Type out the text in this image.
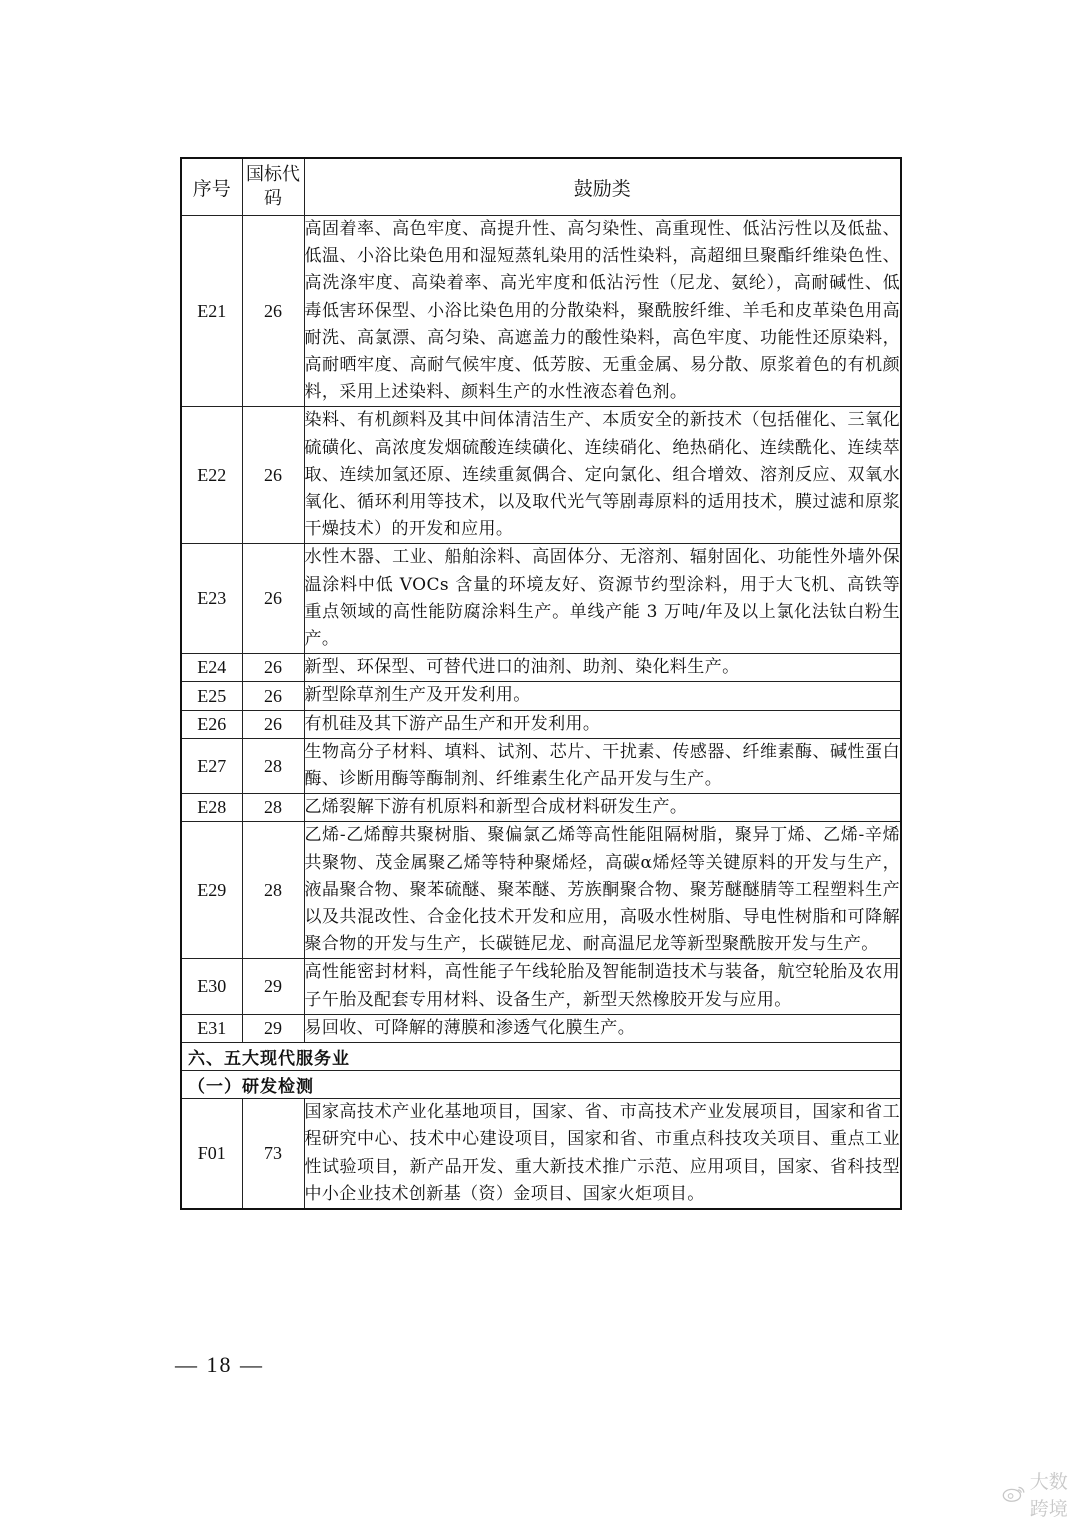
序号	国标代码	鼓励类
E21	26	高固着率、高色牢度、高提升性、高匀染性、高重现性、低沾污性以及低盐、低温、小浴比染色用和湿短蒸轧染用的活性染料，高超细旦聚酯纤维染色性、高洗涤牢度、高染着率、高光牢度和低沾污性（尼龙、氨纶），高耐碱性、低毒低害环保型、小浴比染色用的分散染料，聚酰胺纤维、羊毛和皮革染色用高耐洗、高氯漂、高匀染、高遮盖力的酸性染料，高色牢度、功能性还原染料，高耐晒牢度、高耐气候牢度、低芳胺、无重金属、易分散、原浆着色的有机颜料，采用上述染料、颜料生产的水性液态着色剂。
E22	26	染料、有机颜料及其中间体清洁生产、本质安全的新技术（包括催化、三氧化硫磺化、高浓度发烟硫酸连续磺化、连续硝化、绝热硝化、连续酰化、连续萃取、连续加氢还原、连续重氮偶合、定向氯化、组合增效、溶剂反应、双氧水氧化、循环利用等技术，以及取代光气等剧毒原料的适用技术，膜过滤和原浆干燥技术）的开发和应用。
E23	26	水性木器、工业、船舶涂料、高固体分、无溶剂、辐射固化、功能性外墙外保温涂料中低 VOCs 含量的环境友好、资源节约型涂料，用于大飞机、高铁等重点领域的高性能防腐涂料生产。单线产能 3 万吨/年及以上氯化法钛白粉生产。
E24	26	新型、环保型、可替代进口的油剂、助剂、染化料生产。
E25	26	新型除草剂生产及开发利用。
E26	26	有机硅及其下游产品生产和开发利用。
E27	28	生物高分子材料、填料、试剂、芯片、干扰素、传感器、纤维素酶、碱性蛋白酶、诊断用酶等酶制剂、纤维素生化产品开发与生产。
E28	28	乙烯裂解下游有机原料和新型合成材料研发生产。
E29	28	乙烯-乙烯醇共聚树脂、聚偏氯乙烯等高性能阻隔树脂，聚异丁烯、乙烯-辛烯共聚物、茂金属聚乙烯等特种聚烯烃，高碳α烯烃等关键原料的开发与生产，液晶聚合物、聚苯硫醚、聚苯醚、芳族酮聚合物、聚芳醚醚腈等工程塑料生产以及共混改性、合金化技术开发和应用，高吸水性树脂、导电性树脂和可降解聚合物的开发与生产，长碳链尼龙、耐高温尼龙等新型聚酰胺开发与生产。
E30	29	高性能密封材料，高性能子午线轮胎及智能制造技术与装备，航空轮胎及农用子午胎及配套专用材料、设备生产，新型天然橡胶开发与应用。
E31	29	易回收、可降解的薄膜和渗透气化膜生产。
六、五大现代服务业		
（一）研发检测		
F01	73	国家高技术产业化基地项目，国家、省、市高技术产业发展项目，国家和省工程研究中心、技术中心建设项目，国家和省、市重点科技攻关项目、重点工业性试验项目，新产品开发、重大新技术推广示范、应用项目，国家、省科技型中小企业技术创新基（资）金项目、国家火炬项目。
— 18 —
大数跨境
